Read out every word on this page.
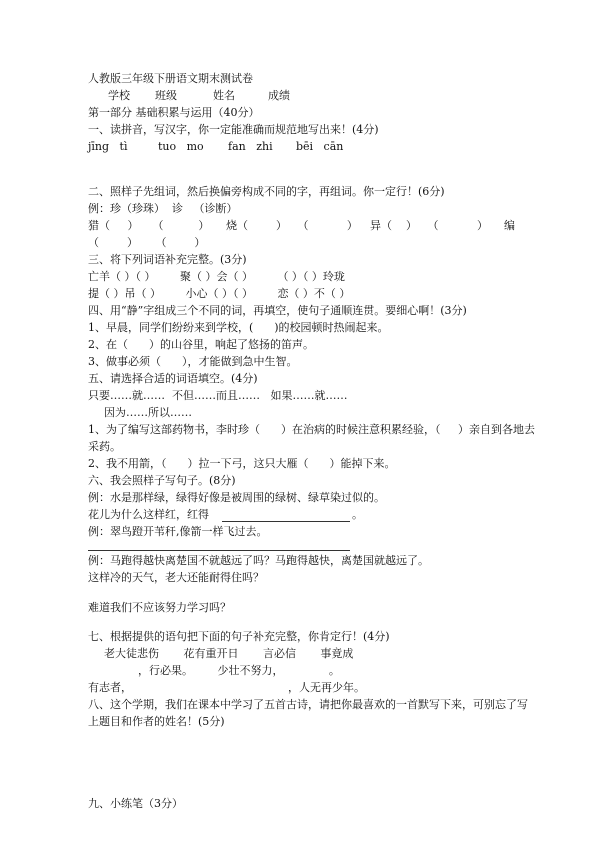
人教版三年级下册语文期末测试卷
学校 班级	姓名	成绩
第一部分 基础积累与运用（40分）
一、读拼音，写汉字，你一定能准确而规范地写出来！(4分)
jīng   tì	tuo   mo fan   zhi bēi   cān
二、照样子先组词，然后换偏旁构成不同的字，再组词。你一定行！(6分)
例：珍（珍珠）  诊   （诊断）
猎（     ）    （          ） 烧（        ）   （           ） 异（    ）   （           ） 编
（        ）     （        ）
三、将下列词语补充完整。(3分)
亡羊（ ）（ ）       聚（ ）会（ ）       （ ）（ ）玲珑
提（ ）吊（ ）       小心（ ）（ ）       恋（ ）不（ ）
四、用“静”字组成三个不同的词，再填空，使句子通顺连贯。要细心啊！(3分)
1、早晨，同学们纷纷来到学校，(      )的校园顿时热闹起来。
2、在（      ）的山谷里，响起了悠扬的笛声。
3、做事必须（      ），才能做到急中生智。
五、请选择合适的词语填空。(4分)
只要……就……  不但……而且……   如果……就……
因为……所以……
1、为了编写这部药物书，李时珍（      ）在治病的时候注意积累经验，（     ）亲自到各地去
采药。
2、我不用箭，（      ）拉一下弓，这只大雁（      ）能掉下来。
六、我会照样子写句子。(8分)
例：水是那样绿，绿得好像是被周围的绿树、绿草染过似的。
花儿为什么这样红，红得	。
例：翠鸟蹬开苇秆,像箭一样飞过去。
例：马跑得越快离楚国不就越远了吗？马跑得越快，离楚国就越远了。
这样冷的天气，老大还能耐得住吗？
难道我们不应该努力学习吗？
七、根据提供的语句把下面的句子补充完整，你肯定行！(4分)
老大徒悲伤       花有重开日       言必信       事竟成
，行必果。       少壮不努力，             。
有志者，	，人无再少年。
八、这个学期，我们在课本中学习了五首古诗，请把你最喜欢的一首默写下来，可别忘了写
上题目和作者的姓名！(5分)
九、小练笔（3分）
